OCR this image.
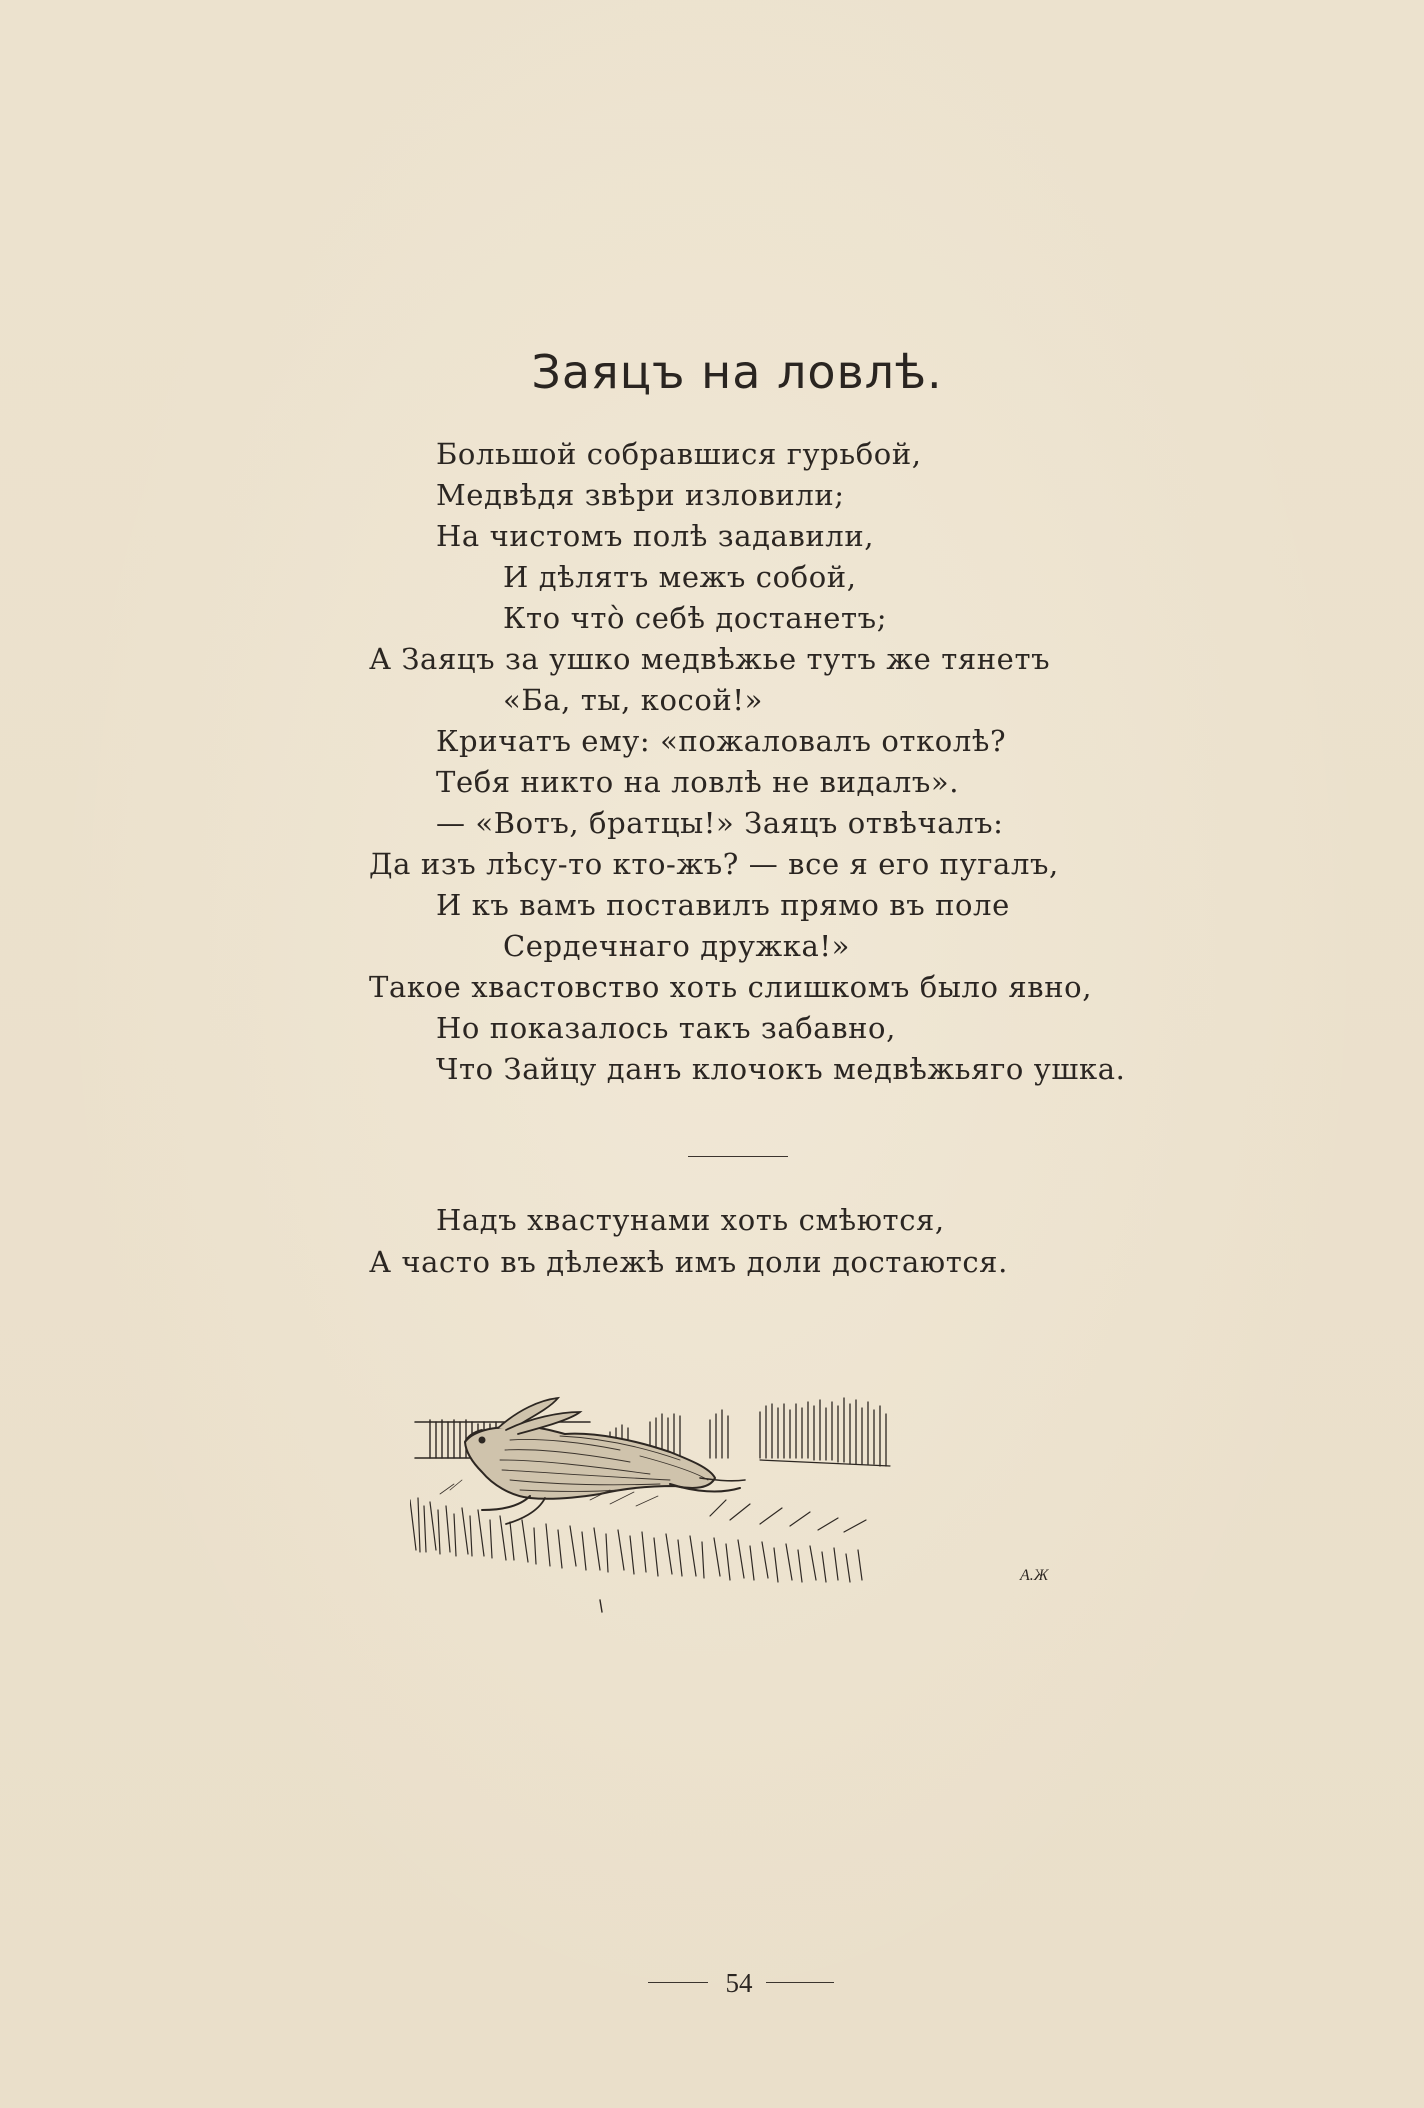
Заяцъ на ловлѣ.
Большой собравшися гурьбой,
Медвѣдя звѣри изловили;
На чистомъ полѣ задавили,
И дѣлятъ межъ собой,
Кто что̀ себѣ достанетъ;
А Заяцъ за ушко медвѣжье тутъ же тянетъ
«Ба, ты, косой!»
Кричатъ ему: «пожаловалъ отколѣ?
Тебя никто на ловлѣ не видалъ».
— «Вотъ, братцы!» Заяцъ отвѣчалъ:
Да изъ лѣсу-то кто-жъ? — все я его пугалъ,
И къ вамъ поставилъ прямо въ поле
Сердечнаго дружка!»
Такое хвастовство хоть слишкомъ было явно,
Но показалось такъ забавно,
Что Зайцу данъ клочокъ медвѣжьяго ушка.
Надъ хвастунами хоть смѣются,
А часто въ дѣлежѣ имъ доли достаются.
А.Ж
54
